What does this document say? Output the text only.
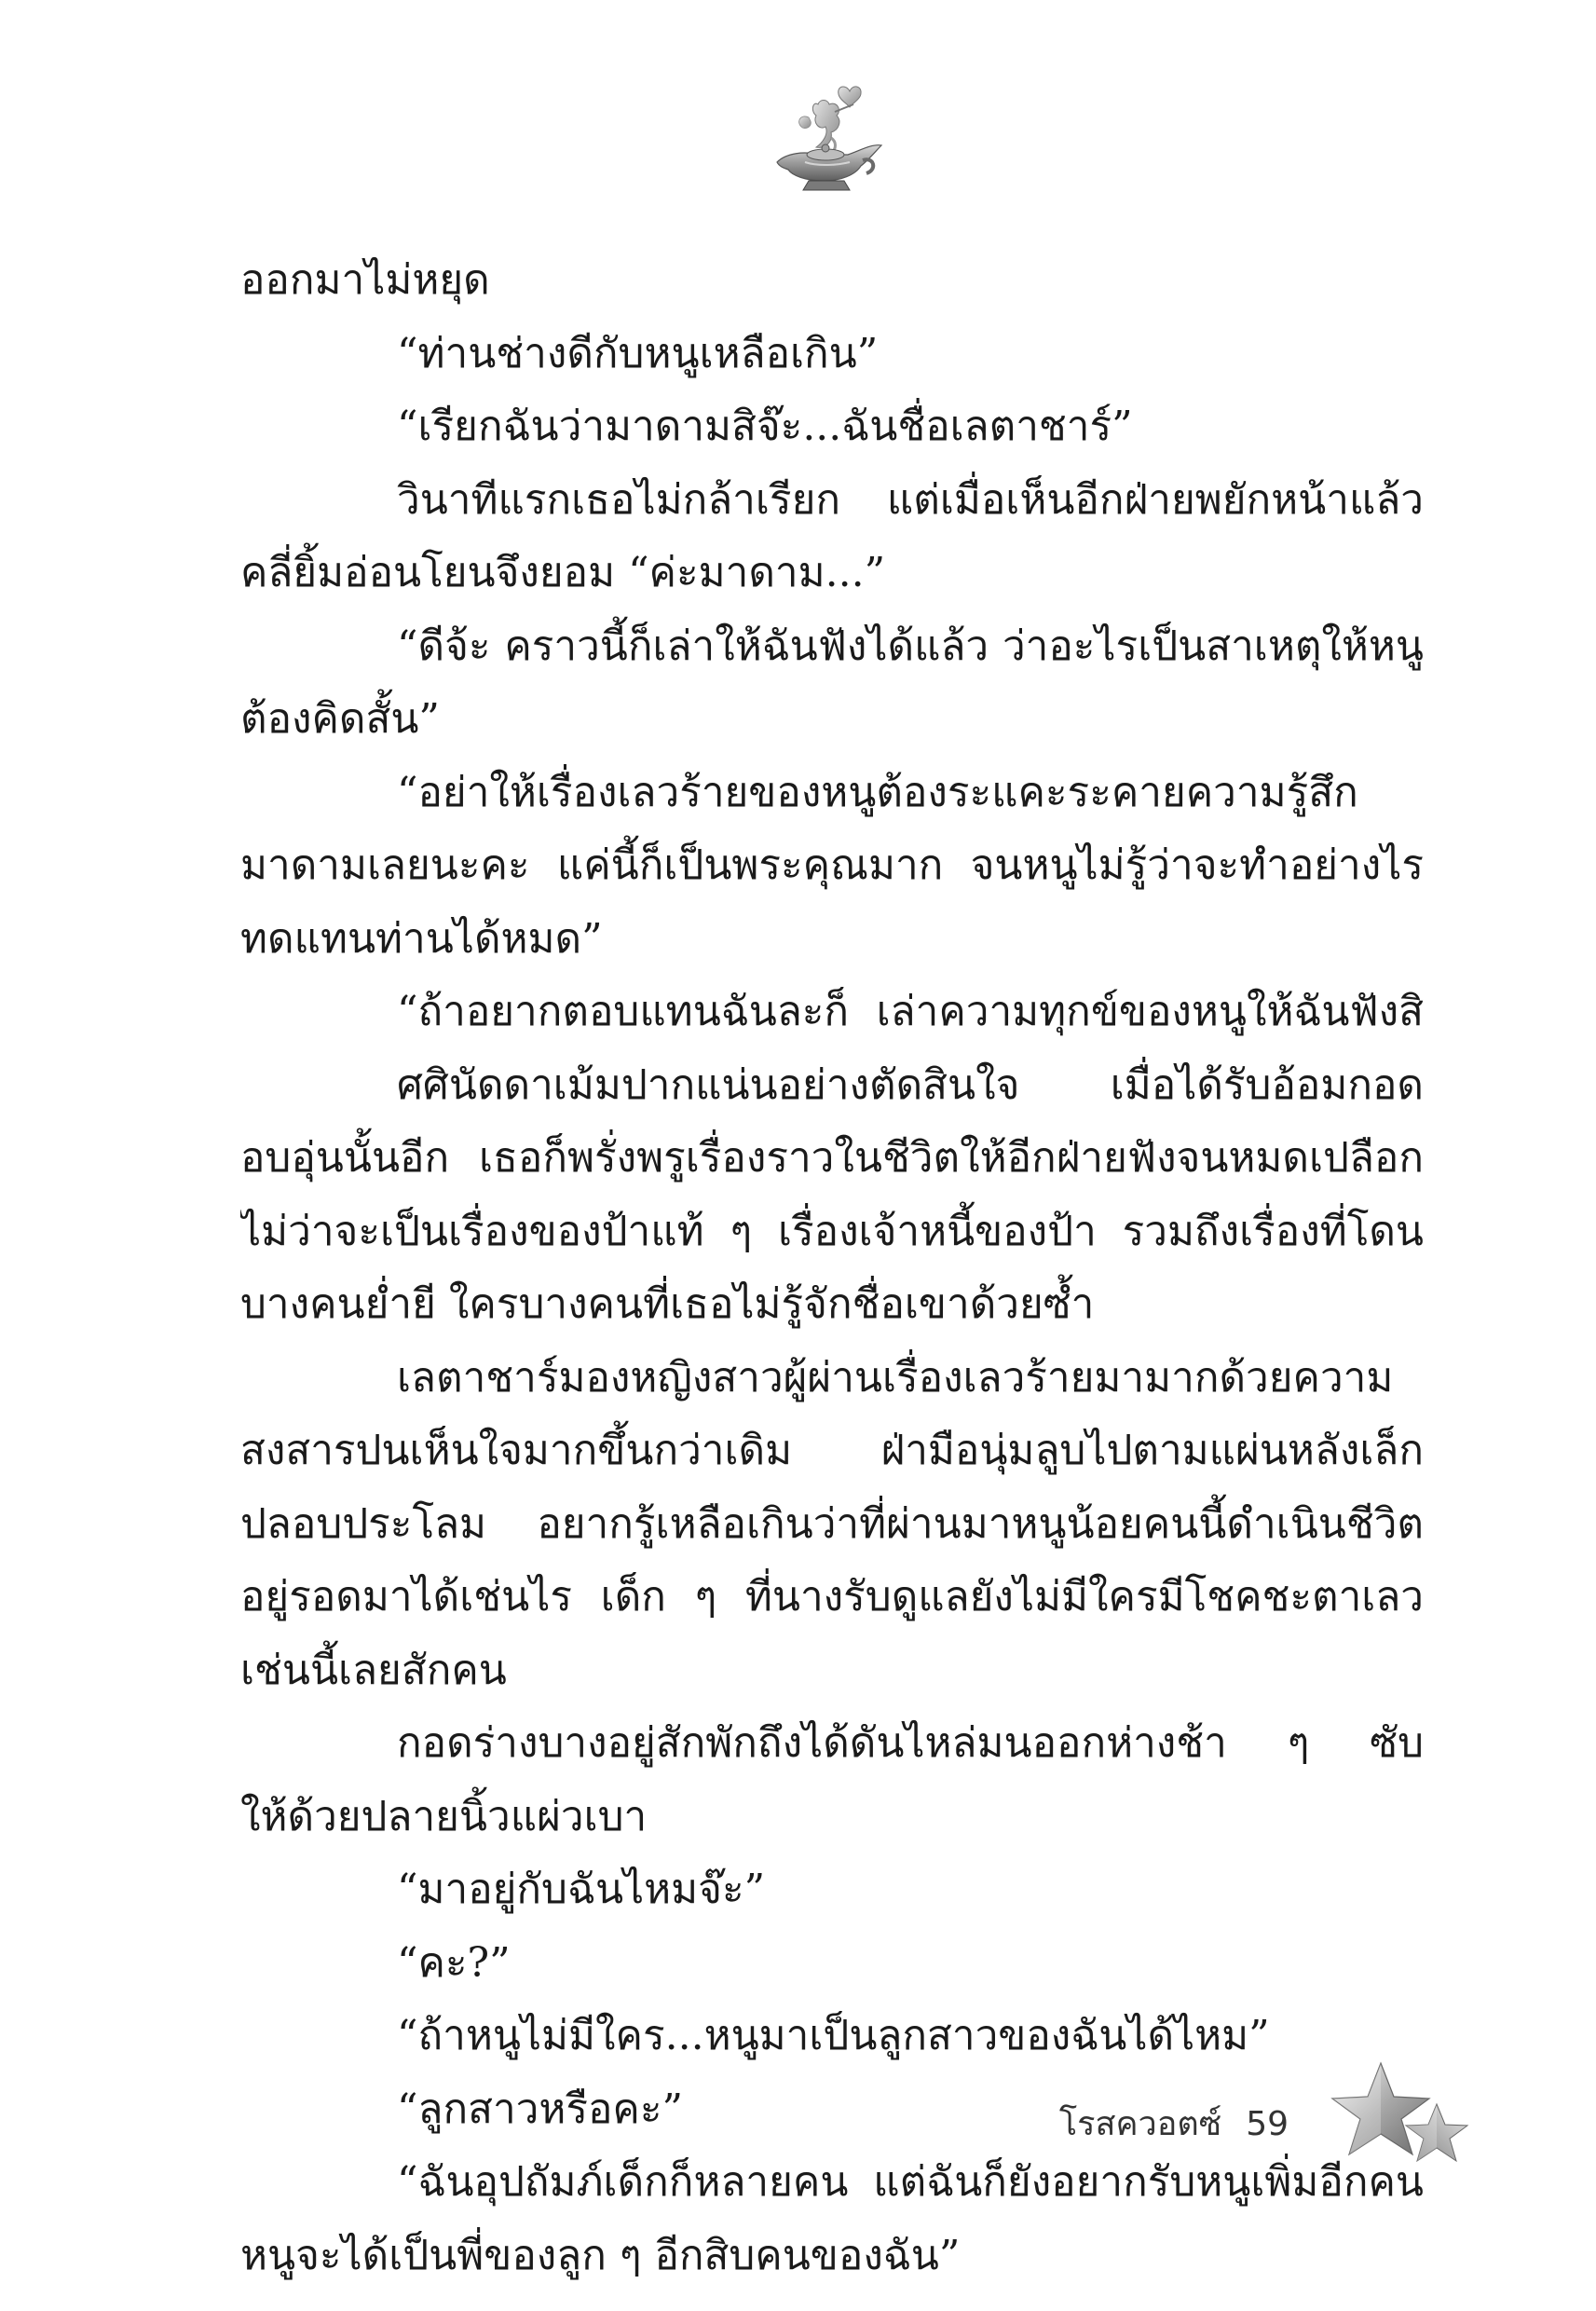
ออกมาไม่หยุด
“ท่านช่างดีกับหนูเหลือเกิน”
“เรียกฉันว่ามาดามสิจ๊ะ...ฉันชื่อเลตาชาร์”
วินาทีแรกเธอไม่กล้าเรียก แต่เมื่อเห็นอีกฝ่ายพยักหน้าแล้ว
คลี่ยิ้มอ่อนโยนจึงยอม “ค่ะมาดาม...”
“ดีจ้ะ คราวนี้ก็เล่าให้ฉันฟังได้แล้ว ว่าอะไรเป็นสาเหตุให้หนู
ต้องคิดสั้น”
“อย่าให้เรื่องเลวร้ายของหนูต้องระแคะระคายความรู้สึก
มาดามเลยนะคะ แค่นี้ก็เป็นพระคุณมาก จนหนูไม่รู้ว่าจะทำอย่างไร
ทดแทนท่านได้หมด”
“ถ้าอยากตอบแทนฉันละก็ เล่าความทุกข์ของหนูให้ฉันฟังสิ
ศศินัดดาเม้มปากแน่นอย่างตัดสินใจ เมื่อได้รับอ้อมกอด
อบอุ่นนั้นอีก เธอก็พรั่งพรูเรื่องราวในชีวิตให้อีกฝ่ายฟังจนหมดเปลือก
ไม่ว่าจะเป็นเรื่องของป้าแท้ ๆ เรื่องเจ้าหนี้ของป้า รวมถึงเรื่องที่โดน
บางคนย่ำยี ใครบางคนที่เธอไม่รู้จักชื่อเขาด้วยซ้ำ
เลตาชาร์มองหญิงสาวผู้ผ่านเรื่องเลวร้ายมามากด้วยความ
สงสารปนเห็นใจมากขึ้นกว่าเดิม ฝ่ามือนุ่มลูบไปตามแผ่นหลังเล็ก
ปลอบประโลม อยากรู้เหลือเกินว่าที่ผ่านมาหนูน้อยคนนี้ดำเนินชีวิต
อยู่รอดมาได้เช่นไร เด็ก ๆ ที่นางรับดูแลยังไม่มีใครมีโชคชะตาเลว
เช่นนี้เลยสักคน
กอดร่างบางอยู่สักพักถึงได้ดันไหล่มนออกห่างช้า ๆ ซับ
ให้ด้วยปลายนิ้วแผ่วเบา
“มาอยู่กับฉันไหมจ๊ะ”
“คะ?”
“ถ้าหนูไม่มีใคร...หนูมาเป็นลูกสาวของฉันได้ไหม”
“ลูกสาวหรือคะ”
“ฉันอุปถัมภ์เด็กก็หลายคน แต่ฉันก็ยังอยากรับหนูเพิ่มอีกคน
หนูจะได้เป็นพี่ของลูก ๆ อีกสิบคนของฉัน”
โรสควอตซ์ 59
